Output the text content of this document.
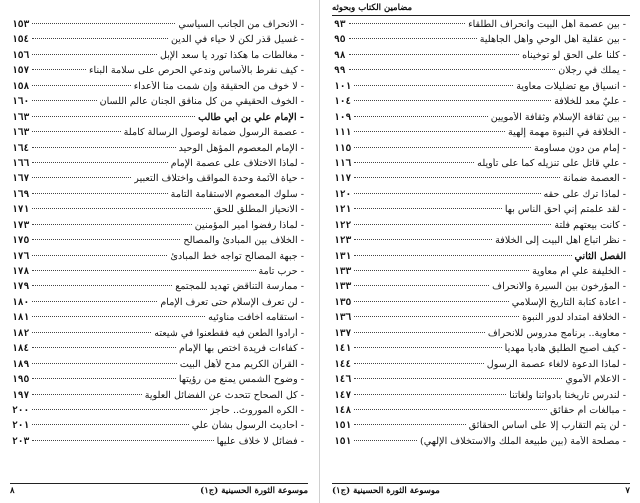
- الانحراف من الجانب السياسي
١٥٣
- غسيل قذر لكن لا حياء في الدين
١٥٤
- مغالطات ما هكذا تورد يا سعد الإبل
١٥٦
- كيف نفرط بالأساس وندعي الحرص على سلامة البناء
١٥٧
- لا خوف من الحقيقة وإن شمت منا الأعداء
١٥٨
- الخوف الحقيقي من كل منافق الجنان عالم اللسان
١٦٠
- الإمام علي بن أبي طالب
١٦٣
- عصمة الرسول ضمانة لوصول الرسالة كاملة
١٦٣
- الإمام المعصوم المؤهل الوحيد
١٦٤
- لماذا الاختلاف على عصمة الإمام
١٦٦
- حياة الأئمة وحدة المواقف واختلاف التعبير
١٦٧
- سلوك المعصوم الاستقامة التامة
١٦٩
- الانحياز المطلق للحق
١٧١
- لماذا رفضوا أمير المؤمنين
١٧٣
- الخلاف بين المبادئ والمصالح
١٧٥
- جبهة المصالح تواجه خط المبادئ
١٧٦
- حرب تامة
١٧٨
- ممارسة التناقض تهديد للمجتمع
١٧٩
- لن تعرف الإسلام حتى تعرف الإمام
١٨٠
- استقامه أخافت مناوئيه
١٨١
- أرادوا الطعن فيه فقطعنوا في شيعته
١٨٢
- كفاءات فريدة اختص بها الإمام
١٨٤
- القرآن الكريم مدح لأهل البيت
١٨٩
- وضوح الشمس يمنع من رؤيتها
١٩٥
- كل الصحاح تتحدث عن الفضائل العلوية
١٩٧
- الكره الموروث.. حاجز
٢٠٠
- أحاديث الرسول بشأن علي
٢٠١
- فضائل لا خلاف عليها
٢٠٣
موسوعة الثورة الحسينية (ج١)
٨
مضامين الكتاب وبحوثه
- بين عصمة أهل البيت وانحراف الطلقاء
٩٣
- بين عقلية أهل الوحي وأهل الجاهلية
٩٥
- كلنا على الحق لو توخيناه
٩٨
- يملك في رجلان
٩٩
- انسياق مع تضليلات معاوية
١٠١
- عليٌ معد للخلافة
١٠٤
- بين ثقافة الإسلام وثقافة الأمويين
١٠٩
- الخلافة في النبوة مهمة إلهية
١١١
- إمام من دون مساومة
١١٥
- علي قاتل على تنزيله كما على تأويله
١١٦
- العصمة ضمانة
١١٧
- لماذا ترك على حقه
١٢٠
- لقد علمتم إني أحق الناس بها
١٢١
- كانت بيعتهم فلتة
١٢٢
- نظر اتباع أهل البيت إلى الخلافة
١٢٣
الفصل الثاني
١٣١
- الخليفة علي أم معاوية
١٣٣
- المؤرخون بين السيرة والانحراف
١٣٣
- اعادة كتابة التاريخ الإسلامي
١٣٥
- الخلافة امتداد لدور النبوة
١٣٦
- معاوية.. برنامج مدروس للانحراف
١٣٧
- كيف أصبح الطليق هادياً مهدياً
١٤١
- لماذا الدعوة لالغاء عصمة الرسول
١٤٤
- الاعلام الأموي
١٤٦
- لندرس تاريخنا بأدواتنا ولغاتنا
١٤٧
- مبالغات أم حقائق
١٤٨
- لن يتم التقارب إلا على أساس الحقائق
١٥١
- مصلحة الأمة (بين طبيعة الملك والاستخلاف الإلهي)
١٥١
٧
موسوعة الثورة الحسينية (ج١)
